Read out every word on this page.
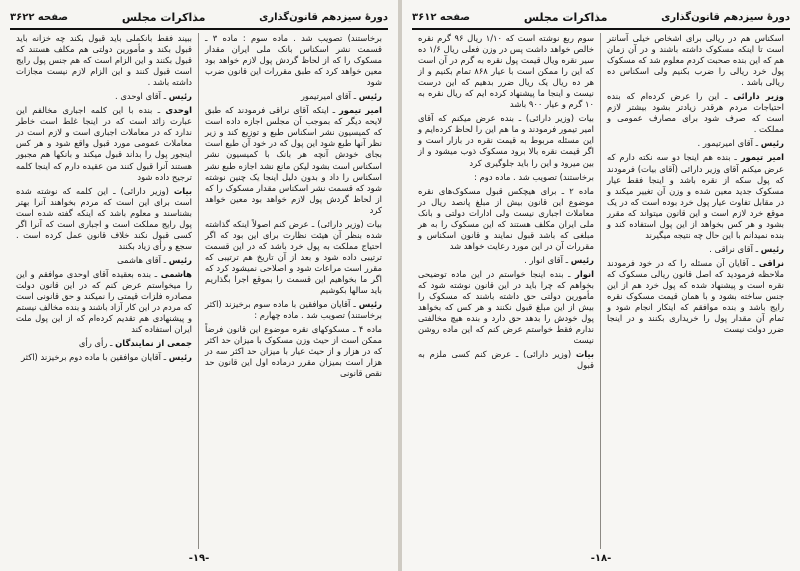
دورهٔ سیزدهم قانون‌گذاری
مذاکرات مجلس
صفحه ۳۶۲۲

برخاستند) تصویب شد . ماده سوم : ماده ۳ ـ قسمت نشر اسکناس بانک ملی ایران مقدار مسکوک را که از لحاظ گردش پول لازم خواهد بود معین خواهد کرد که طبق مقررات این قانون ضرب شود

رئیس ـ آقای امیرتیمور

امیر تیمور ـ اینکه آقای نراقی فرمودند که طبق لایحه دیگر که بموجب آن مجلس اجازه داده است که کمیسیون نشر اسکناس طبع و توزیع کند و زیر نظر آنها طبع شود این پول که در خود آن طبع است بجای خودش آنچه هر بانک با کمیسیون نشر اسکناس است بشود لیکن مانع نشد اجازه طبع نشر اسکناس را داد و بدون دلیل اینجا یک چنین نوشته شود که قسمت نشر اسکناس مقدار مسکوک را که از لحاظ گردش پول لازم خواهد بود معین خواهد کرد

بیات (وزیر دارائی) ـ عرض کنم اصولاً اینکه گذاشته شده بنظر آن هیئت نظارت برای این بود که اگر احتیاج مملکت به پول خرد باشد که در این قسمت ترتیبی داده شود و بعد از آن تاریخ هم ترتیبی که مقرر است مراعات شود و اصلاحی نمیشود کرد که اگر ما بخواهیم این قسمت را بموقع اجرا بگذاریم باید سالها بکوشیم

رئیس ـ آقایان موافقین با ماده سوم برخیزند (اکثر برخاستند) تصویب شد . ماده چهارم :

ماده ۴ ـ مسکوکهای نقره موضوع این قانون فرضاً ممکن است از حیث وزن مسکوک با میزان حد اکثر که در هزار و از حیث عیار با میزان حد اکثر سه در هزار است بمیزان مقرر درماده اول این قانون حد نقص قانونی

ببیند فقط بانکملی باید قبول بکند چه خزانه باید قبول بکند و مأمورین دولتی هم مکلف هستند که قبول بکنند و این الزام است که هم جنس پول رایج است قبول کنند و این الزام لازم نیست مجازات داشته باشد .

رئیس ـ آقای اوحدی .

اوحدی ـ بنده با این کلمه اجباری مخالفم این عبارت زائد است که در اینجا غلط است خاطر ندارد که در معاملات اجباری است و لازم است در معاملات عمومی مورد قبول واقع شود و هر کس اینجور پول را بداند قبول میکند و بانکها هم مجبور هستند آنرا قبول کنند من عقیده دارم که اینجا کلمه ترجیح داده شود

بیات (وزیر دارائی) ـ این کلمه که نوشته شده است برای این است که مردم بخواهند آنرا بهتر بشناسند و معلوم باشد که اینکه گفته شده است پول رایج مملکت است و اجباری است که آنرا اگر کسی قبول نکند خلاف قانون عمل کرده است . سجع و رأی زیاد بکنند

رئیس ـ آقای هاشمی

هاشمی ـ بنده بعقیده آقای اوحدی موافقم و این را میخواستم عرض کنم که در این قانون دولت مصادره فلزات قیمتی را نمیکند و حق قانونی است که مردم در این کار آزاد باشند و بنده مخالف نیستم و پیشنهادی هم تقدیم کرده‌ام که از این پول ملت ایران استفاده کند

جمعی از نمایندگان ـ رأی رأی

رئیس ـ آقایان موافقین با ماده دوم برخیزند (اکثر

-۱۹-
دورهٔ سیزدهم قانون‌گذاری
مذاکرات مجلس
صفحه ۳۶۱۲

اسکناس هم در ریالی برای اشخاص خیلی آسانتر است تا اینکه مسکوک داشته باشند و در آن زمان هم که این بنده صحبت کردم معلوم شد که مسکوک پول خرد ریالی را ضرب بکنیم ولی اسکناس ده ریالی باشد .

وزیر دارائی ـ این را عرض کرده‌ام که بنده احتیاجات مردم هرقدر زیادتر بشود بیشتر لازم است که صرف شود برای مصارف عمومی و مملکت .

رئیس ـ آقای امیرتیمور .

امیر تیمور ـ بنده هم اینجا دو سه نکته دارم که عرض میکنم آقای وزیر دارائی (آقای بیات) فرمودند که پول سکه از نقره باشد و اینجا فقط عیار مسکوک جدید معین شده و وزن آن تغییر میکند و در مقابل تفاوت عیار پول خرد بوده است که در یک موقع خرد لازم است و این قانون میتواند که مقرر بشود و هر کس بخواهد از این پول استفاده کند و بنده نمیدانم با این حال چه نتیجه میگیرند

رئیس ـ آقای نراقی .

نراقی ـ آقایان آن مسئله را که در خود فرمودند ملاحظه فرمودید که اصل قانون ریالی مسکوک که نقره است و پیشنهاد شده که پول خرد هم از این جنس ساخته بشود و با همان قیمت مسکوک نقره رایج باشد و بنده موافقم که اینکار انجام شود و تمام آن مقدار پول را خریداری بکنند و در اینجا ضرر دولت نیست

سوم ربع نوشته است که ۱/۱۰ ریال ۹۶ گرم نقره خالص خواهد داشت پس در وزن فعلی ریال ۱/۶ ده سیر نقره ویال قیمت پول نقره به گرم در آن است که این را ممکن است با عیار ۸۶۸ تمام بکنیم و از هر ده ریال یک ریال ضرر بدهیم که این درست نیست و اینجا ما پیشنهاد کرده ایم که ریال نقره به ۱۰ گرم و عیار ۹۰۰ باشد

بیات (وزیر دارائی) ـ بنده عرض میکنم که آقای امیر تیمور فرمودند و ما هم این را لحاظ کرده‌ایم و این مسئله مربوط به قیمت نقره در بازار است و اگر قیمت نقره بالا برود مسکوک ذوب میشود و از بین میرود و این را باید جلوگیری کرد

برخاستند) تصویب شد . ماده دوم :

ماده ۲ ـ برای هیچکس قبول مسکوک‌های نقره موضوع این قانون بیش از مبلغ پانصد ریال در معاملات اجباری نیست ولی ادارات دولتی و بانک ملی ایران مکلف هستند که این مسکوک را به هر مبلغی که باشد قبول نمایند و قانون اسکناس و مقررات آن در این مورد رعایت خواهد شد

رئیس ـ آقای انوار .

انوار ـ بنده اینجا خواستم در این ماده توضیحی بخواهم که چرا باید در این قانون نوشته شود که مأمورین دولتی حق داشته باشند که مسکوک را بیش از این مبلغ قبول نکنند و هر کس که بخواهد پول خودش را بدهد حق دارد و بنده هیچ مخالفتی ندارم فقط خواستم عرض کنم که این ماده روشن نیست

بیات (وزیر دارائی) ـ عرض کنم کسی ملزم به قبول

-۱۸-
